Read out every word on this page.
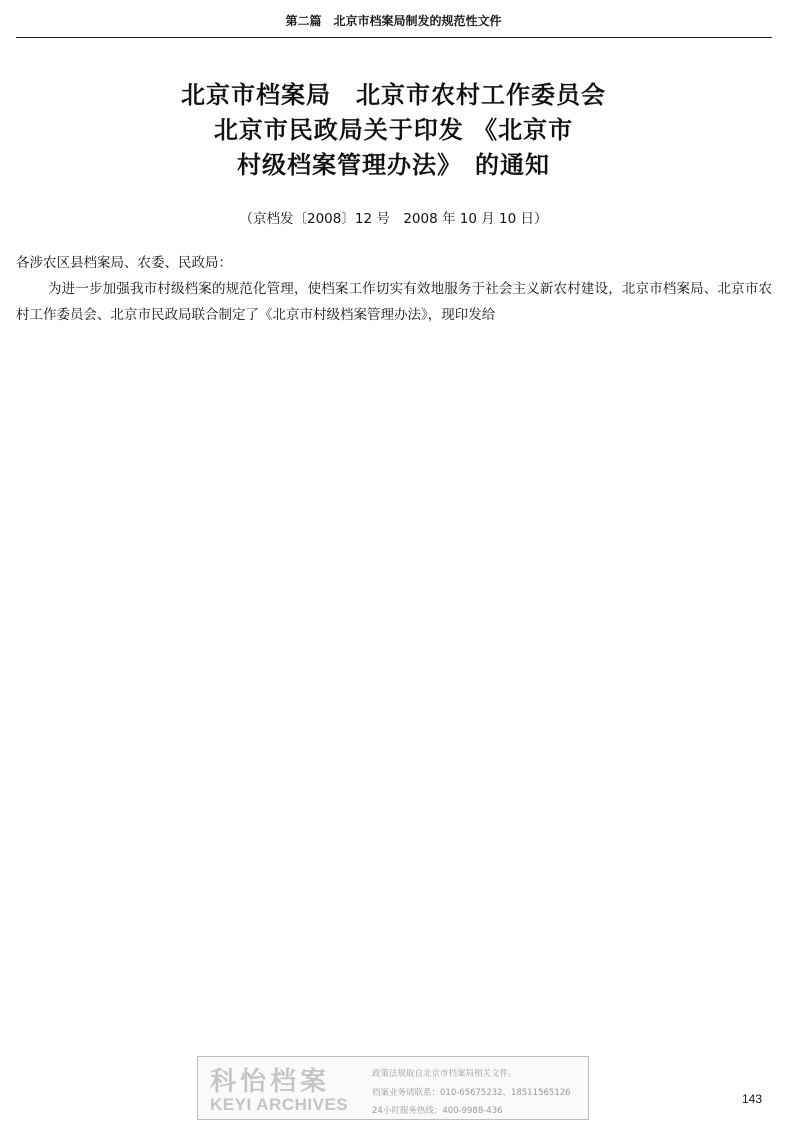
第二篇　北京市档案局制发的规范性文件
北京市档案局　北京市农村工作委员会
北京市民政局关于印发 《北京市
村级档案管理办法》　的通知
（京档发〔2008〕12 号　2008 年 10 月 10 日）
各涉农区县档案局、农委、民政局：
为进一步加强我市村级档案的规范化管理，使档案工作切实有效地服务于社会主义新农村建设，北京市档案局、北京市农村工作委员会、北京市民政局联合制定了《北京市村级档案管理办法》，现印发给
科怡档案
KEYI ARCHIVES
政策法规取自北京市档案局相关文件。
档案业务请联系：010-65675232、18511565126
24小时服务热线：400-9988-436
143
